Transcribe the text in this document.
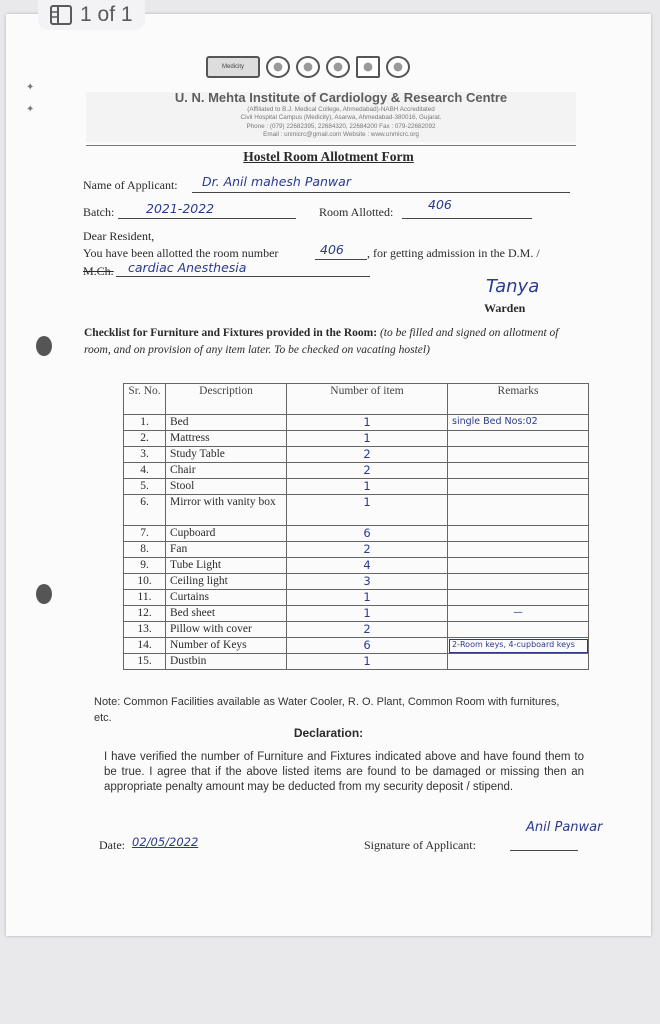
1 of 1
✦
✦
Medicity
U. N. Mehta Institute of Cardiology & Research Centre
(Affiliated to B.J. Medical College, Ahmedabad)-NABH Accreditated
Civil Hospital Campus (Medicity), Asarwa, Ahmedabad-380016, Gujarat.
Phone : (079) 22682395, 22684320, 22684200 Fax : 079-22682092
Email : unmicrc@gmail.com Website : www.unmicrc.org
Hostel Room Allotment Form
Name of Applicant: Dr. Anil mahesh Panwar
Batch:	2021-2022	Room Allotted:	406
Dear Resident,
You have been allotted the room number	406 , for getting admission in the D.M. /
M.Ch. cardiac Anesthesia
Tanya
Warden
Checklist for Furniture and Fixtures provided in the Room: (to be filled and signed on allotment of room, and on provision of any item later. To be checked on vacating hostel)
Sr. No.	Description	Number of item	Remarks
1.	Bed	1	single Bed Nos:02
2.	Mattress	1	
3.	Study Table	2	
4.	Chair	2	
5.	Stool	1	
6.	Mirror with vanity box	1	
7.	Cupboard	6	
8.	Fan	2	
9.	Tube Light	4	
10.	Ceiling light	3	
11.	Curtains	1	
12.	Bed sheet	1	—
13.	Pillow with cover	2	
14.	Number of Keys	6	2-Room keys, 4-cupboard keys
15.	Dustbin	1	
Note: Common Facilities available as Water Cooler, R. O. Plant, Common Room with furnitures, etc.
Declaration:
I have verified the number of Furniture and Fixtures indicated above and have found them to be true. I agree that if the above listed items are found to be damaged or missing then an appropriate penalty amount may be deducted from my security deposit / stipend.
Date: 02/05/2022	Signature of Applicant:
Anil Panwar
